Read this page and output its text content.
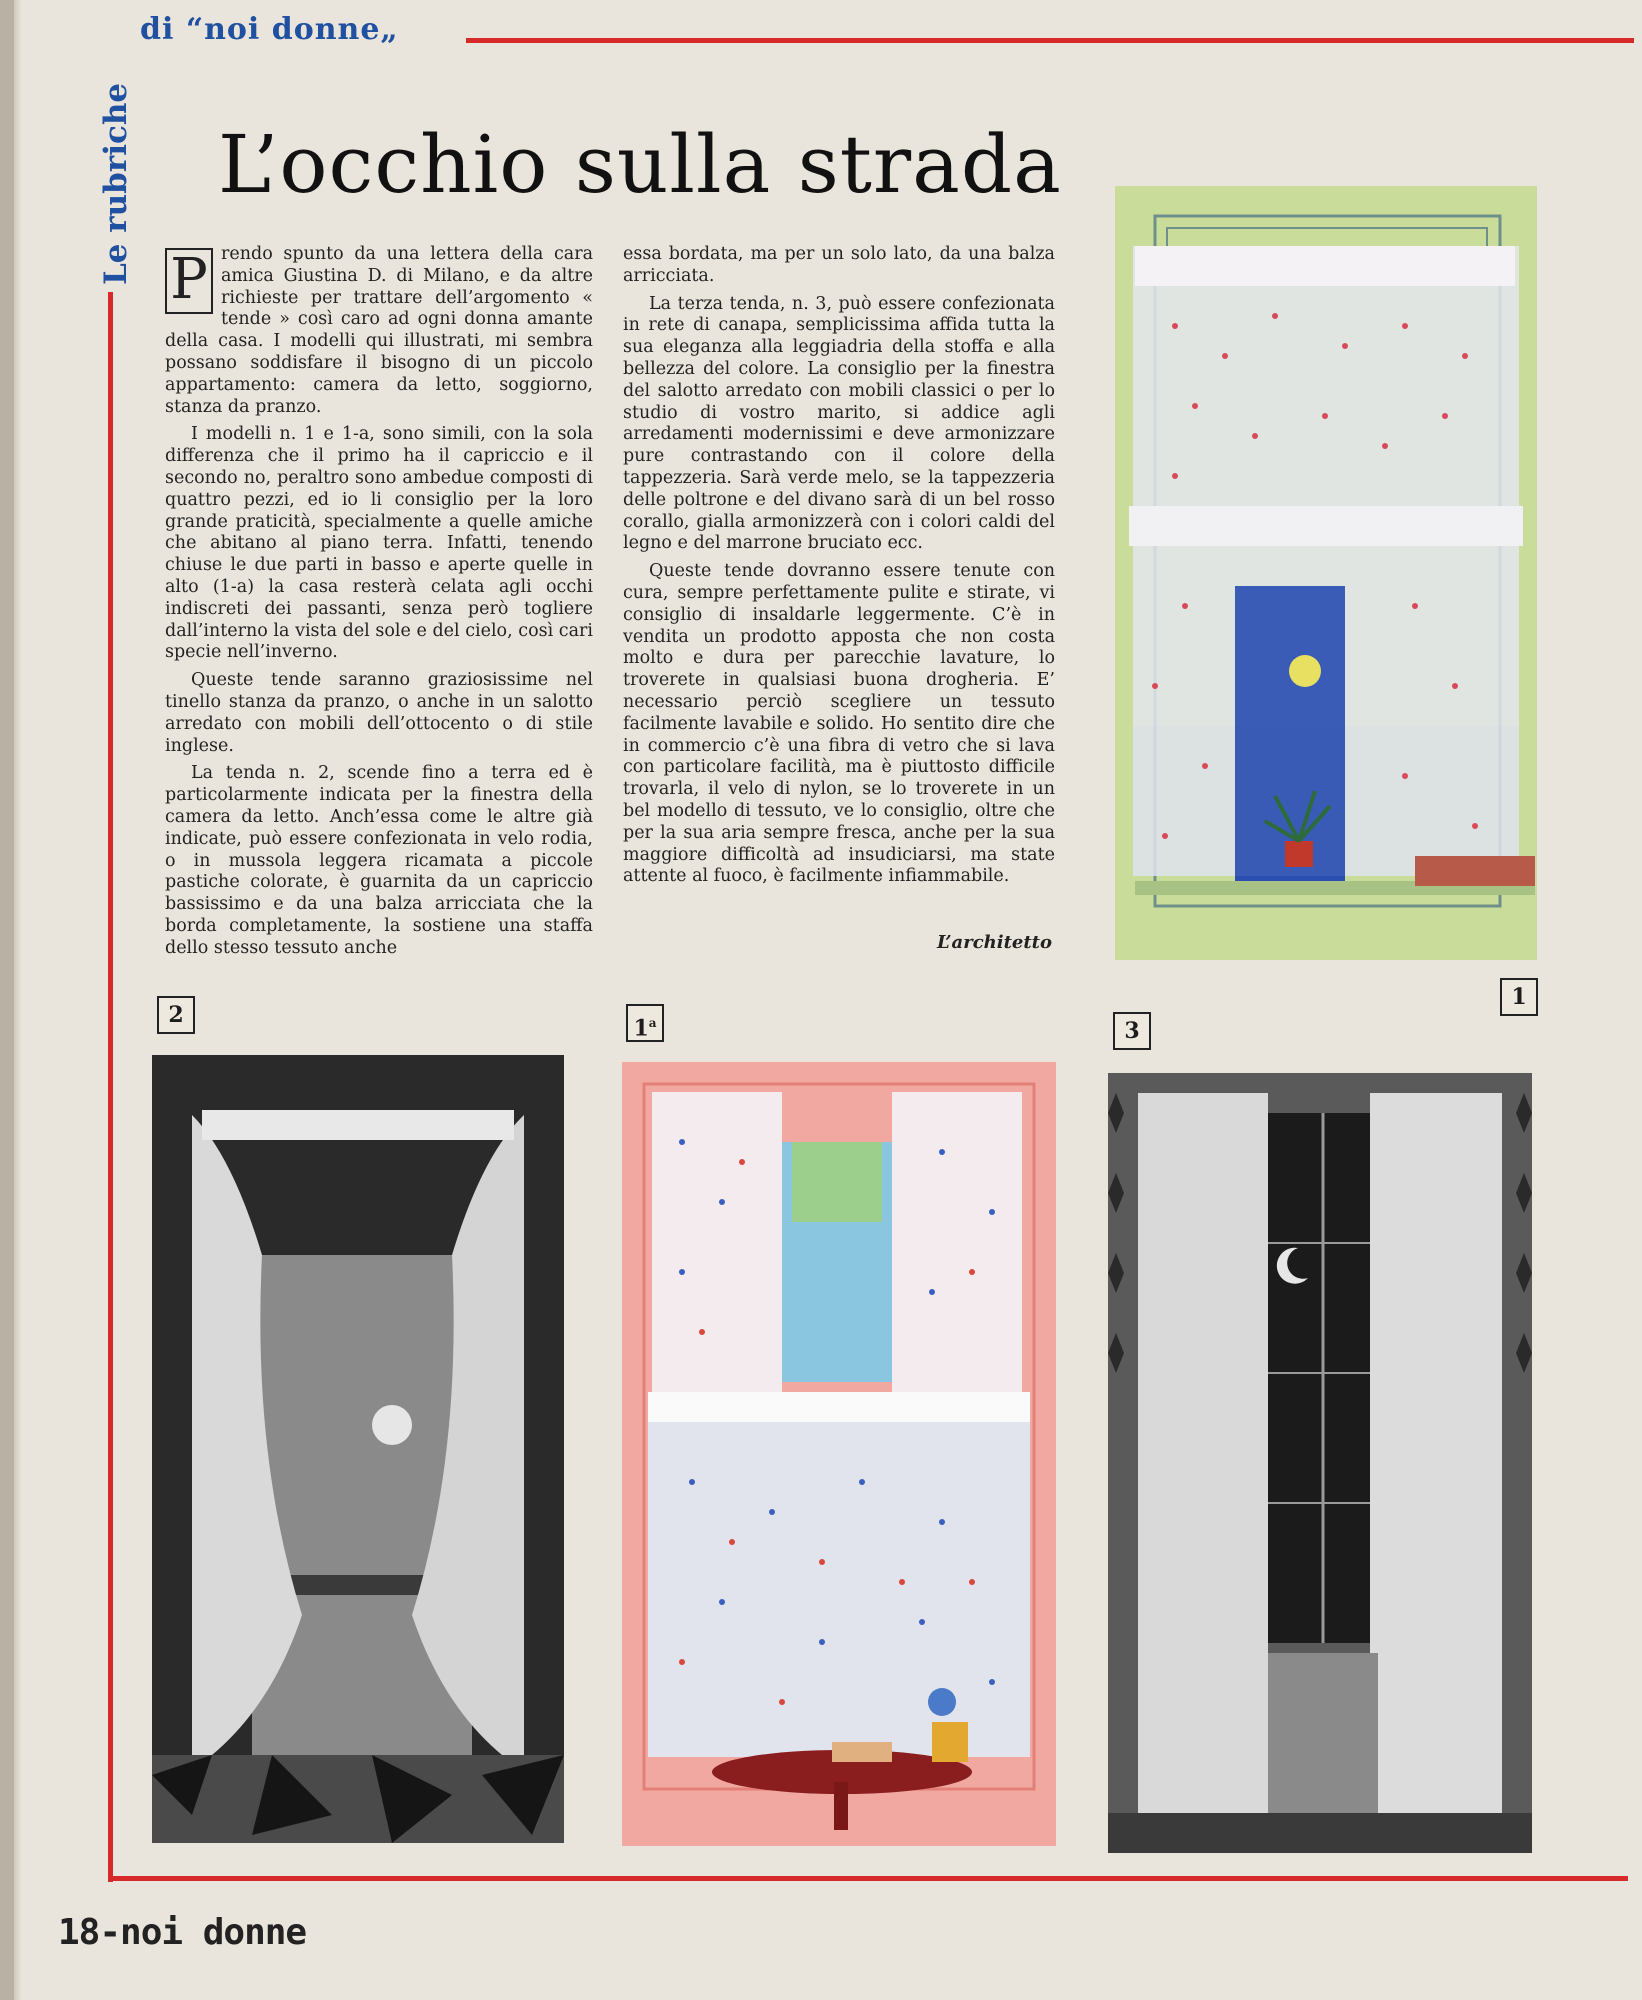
di “noi donne„
Le rubriche L’occhio sulla strada

P rendo spunto da una lettera della cara amica Giustina D. di Milano, e da altre richieste per trattare dell’argomento « tende » così caro ad ogni donna amante della casa. I modelli qui illustrati, mi sembra possano soddisfare il bisogno di un piccolo appartamento: camera da letto, soggiorno, stanza da pranzo.

I modelli n. 1 e 1-a, sono simili, con la sola differenza che il primo ha il capriccio e il secondo no, peraltro sono ambedue composti di quattro pezzi, ed io li consiglio per la loro grande praticità, specialmente a quelle amiche che abitano al piano terra. Infatti, tenendo chiuse le due parti in basso e aperte quelle in alto (1-a) la casa resterà celata agli occhi indiscreti dei passanti, senza però togliere dall’interno la vista del sole e del cielo, così cari specie nell’inverno.

Queste tende saranno graziosissime nel tinello stanza da pranzo, o anche in un salotto arredato con mobili dell’ottocento o di stile inglese.

La tenda n. 2, scende fino a terra ed è particolarmente indicata per la finestra della camera da letto. Anch’essa come le altre già indicate, può essere confezionata in velo rodia, o in mussola leggera ricamata a piccole pastiche colorate, è guarnita da un capriccio bassissimo e da una balza arricciata che la borda completamente, la sostiene una staffa dello stesso tessuto anche

essa bordata, ma per un solo lato, da una balza arricciata.

La terza tenda, n. 3, può essere confezionata in rete di canapa, semplicissima affida tutta la sua eleganza alla leggiadria della stoffa e alla bellezza del colore. La consiglio per la finestra del salotto arredato con mobili classici o per lo studio di vostro marito, si addice agli arredamenti modernissimi e deve armonizzare pure contrastando con il colore della tappezzeria. Sarà verde melo, se la tappezzeria delle poltrone e del divano sarà di un bel rosso corallo, gialla armonizzerà con i colori caldi del legno e del marrone bruciato ecc.

Queste tende dovranno essere tenute con cura, sempre perfettamente pulite e stirate, vi consiglio di insaldarle leggermente. C’è in vendita un prodotto apposta che non costa molto e dura per parecchie lavature, lo troverete in qualsiasi buona drogheria. E’ necessario perciò scegliere un tessuto facilmente lavabile e solido. Ho sentito dire che in commercio c’è una fibra di vetro che si lava con particolare facilità, ma è piuttosto difficile trovarla, il velo di nylon, se lo troverete in un bel modello di tessuto, ve lo consiglio, oltre che per la sua aria sempre fresca, anche per la sua maggiore difficoltà ad insudiciarsi, ma state attente al fuoco, è facilmente infiammabile.

L’architetto
1
2
1$^a$	3
18-noi donne
